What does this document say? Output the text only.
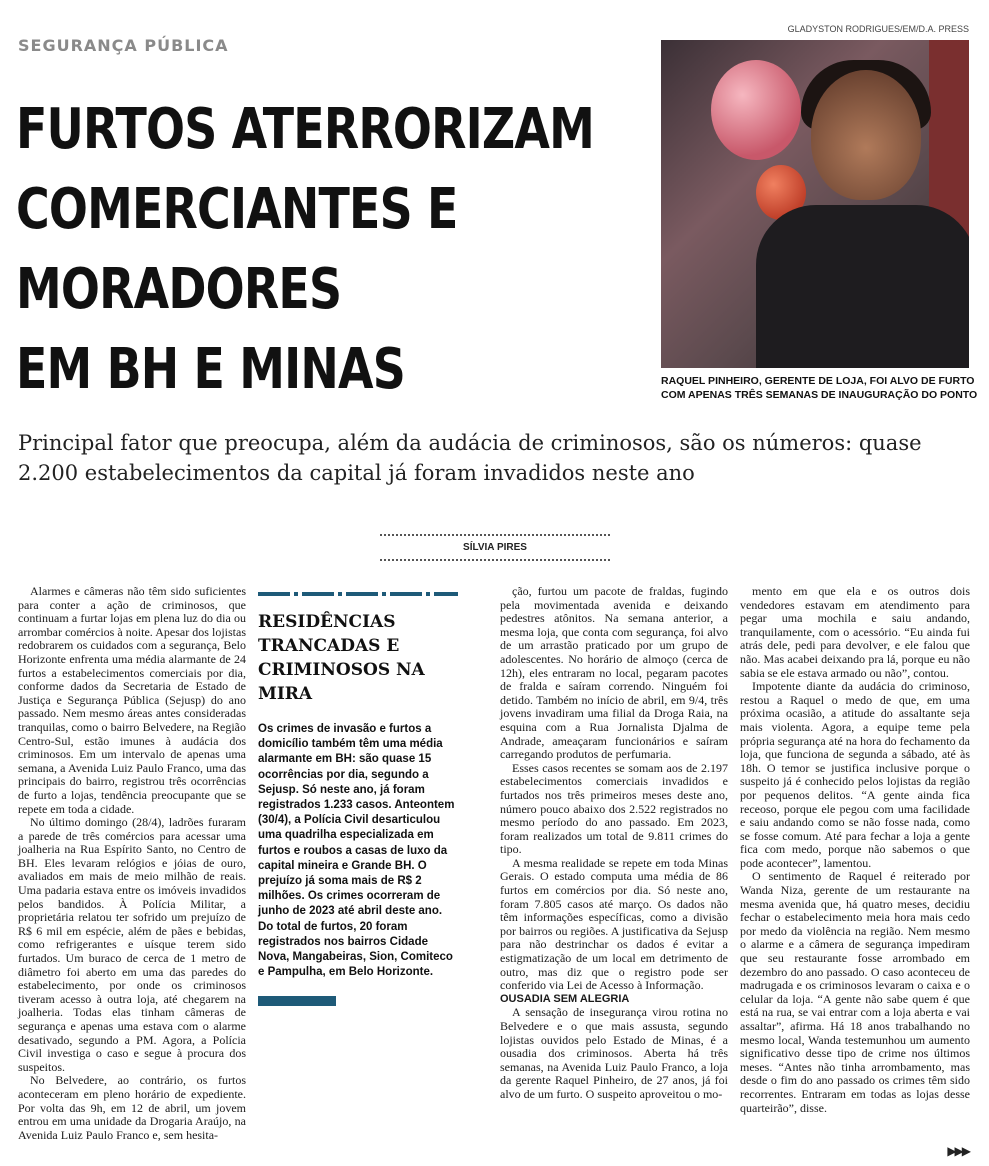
SEGURANÇA PÚBLICA
FURTOS ATERRORIZAM
COMERCIANTES E
MORADORES
EM BH E MINAS
GLADYSTON RODRIGUES/EM/D.A. PRESS
RAQUEL PINHEIRO, GERENTE DE LOJA, FOI ALVO DE FURTO COM APENAS TRÊS SEMANAS DE INAUGURAÇÃO DO PONTO
Principal fator que preocupa, além da audácia de criminosos, são os números: quase 2.200 estabelecimentos da capital já foram invadidos neste ano
SÍLVIA PIRES

Alarmes e câmeras não têm sido suficientes para conter a ação de criminosos, que continuam a furtar lojas em plena luz do dia ou arrombar comércios à noite. Apesar dos lojistas redobrarem os cuidados com a segurança, Belo Horizonte enfrenta uma média alarmante de 24 furtos a estabelecimentos comerciais por dia, conforme dados da Secretaria de Estado de Justiça e Segurança Pública (Sejusp) do ano passado. Nem mesmo áreas antes consideradas tranquilas, como o bairro Belvedere, na Região Centro-Sul, estão imunes à audácia dos criminosos. Em um intervalo de apenas uma semana, a Avenida Luiz Paulo Franco, uma das principais do bairro, registrou três ocorrências de furto a lojas, tendência preocupante que se repete em toda a cidade.

No último domingo (28/4), ladrões furaram a parede de três comércios para acessar uma joalheria na Rua Espírito Santo, no Centro de BH. Eles levaram relógios e jóias de ouro, avaliados em mais de meio milhão de reais. Uma padaria estava entre os imóveis invadidos pelos bandidos. À Polícia Militar, a proprietária relatou ter sofrido um prejuízo de R$ 6 mil em espécie, além de pães e bebidas, como refrigerantes e uísque terem sido furtados. Um buraco de cerca de 1 metro de diâmetro foi aberto em uma das paredes do estabelecimento, por onde os criminosos tiveram acesso à outra loja, até chegarem na joalheria. Todas elas tinham câmeras de segurança e apenas uma estava com o alarme desativado, segundo a PM. Agora, a Polícia Civil investiga o caso e segue à procura dos suspeitos.

No Belvedere, ao contrário, os furtos aconteceram em pleno horário de expediente. Por volta das 9h, em 12 de abril, um jovem entrou em uma unidade da Drogaria Araújo, na Avenida Luiz Paulo Franco e, sem hesita-

RESIDÊNCIAS TRANCADAS E CRIMINOSOS NA MIRA
Os crimes de invasão e furtos a domicílio também têm uma média alarmante em BH: são quase 15 ocorrências por dia, segundo a Sejusp. Só neste ano, já foram registrados 1.233 casos. Anteontem (30/4), a Polícia Civil desarticulou uma quadrilha especializada em furtos e roubos a casas de luxo da capital mineira e Grande BH. O prejuízo já soma mais de R$ 2 milhões. Os crimes ocorreram de junho de 2023 até abril deste ano. Do total de furtos, 20 foram registrados nos bairros Cidade Nova, Mangabeiras, Sion, Comiteco e Pampulha, em Belo Horizonte.

ção, furtou um pacote de fraldas, fugindo pela movimentada avenida e deixando pedestres atônitos. Na semana anterior, a mesma loja, que conta com segurança, foi alvo de um arrastão praticado por um grupo de adolescentes. No horário de almoço (cerca de 12h), eles entraram no local, pegaram pacotes de fralda e saíram correndo. Ninguém foi detido. Também no início de abril, em 9/4, três jovens invadiram uma filial da Droga Raia, na esquina com a Rua Jornalista Djalma de Andrade, ameaçaram funcionários e saíram carregando produtos de perfumaria.

Esses casos recentes se somam aos de 2.197 estabelecimentos comerciais invadidos e furtados nos três primeiros meses deste ano, número pouco abaixo dos 2.522 registrados no mesmo período do ano passado. Em 2023, foram realizados um total de 9.811 crimes do tipo.

A mesma realidade se repete em toda Minas Gerais. O estado computa uma média de 86 furtos em comércios por dia. Só neste ano, foram 7.805 casos até março. Os dados não têm informações específicas, como a divisão por bairros ou regiões. A justificativa da Sejusp para não destrinchar os dados é evitar a estigmatização de um local em detrimento de outro, mas diz que o registro pode ser conferido via Lei de Acesso à Informação.

OUSADIA SEM ALEGRIA

A sensação de insegurança virou rotina no Belvedere e o que mais assusta, segundo lojistas ouvidos pelo Estado de Minas, é a ousadia dos criminosos. Aberta há três semanas, na Avenida Luiz Paulo Franco, a loja da gerente Raquel Pinheiro, de 27 anos, já foi alvo de um furto. O suspeito aproveitou o mo-

mento em que ela e os outros dois vendedores estavam em atendimento para pegar uma mochila e saiu andando, tranquilamente, com o acessório. “Eu ainda fui atrás dele, pedi para devolver, e ele falou que não. Mas acabei deixando pra lá, porque eu não sabia se ele estava armado ou não”, contou.

Impotente diante da audácia do criminoso, restou a Raquel o medo de que, em uma próxima ocasião, a atitude do assaltante seja mais violenta. Agora, a equipe teme pela própria segurança até na hora do fechamento da loja, que funciona de segunda a sábado, até às 18h. O temor se justifica inclusive porque o suspeito já é conhecido pelos lojistas da região por pequenos delitos. “A gente ainda fica receoso, porque ele pegou com uma facilidade e saiu andando como se não fosse nada, como se fosse comum. Até para fechar a loja a gente fica com medo, porque não sabemos o que pode acontecer”, lamentou.

O sentimento de Raquel é reiterado por Wanda Niza, gerente de um restaurante na mesma avenida que, há quatro meses, decidiu fechar o estabelecimento meia hora mais cedo por medo da violência na região. Nem mesmo o alarme e a câmera de segurança impediram que seu restaurante fosse arrombado em dezembro do ano passado. O caso aconteceu de madrugada e os criminosos levaram o caixa e o celular da loja. “A gente não sabe quem é que está na rua, se vai entrar com a loja aberta e vai assaltar”, afirma. Há 18 anos trabalhando no mesmo local, Wanda testemunhou um aumento significativo desse tipo de crime nos últimos meses. “Antes não tinha arrombamento, mas desde o fim do ano passado os crimes têm sido recorrentes. Entraram em todas as lojas desse quarteirão”, disse.

▶▶▶
